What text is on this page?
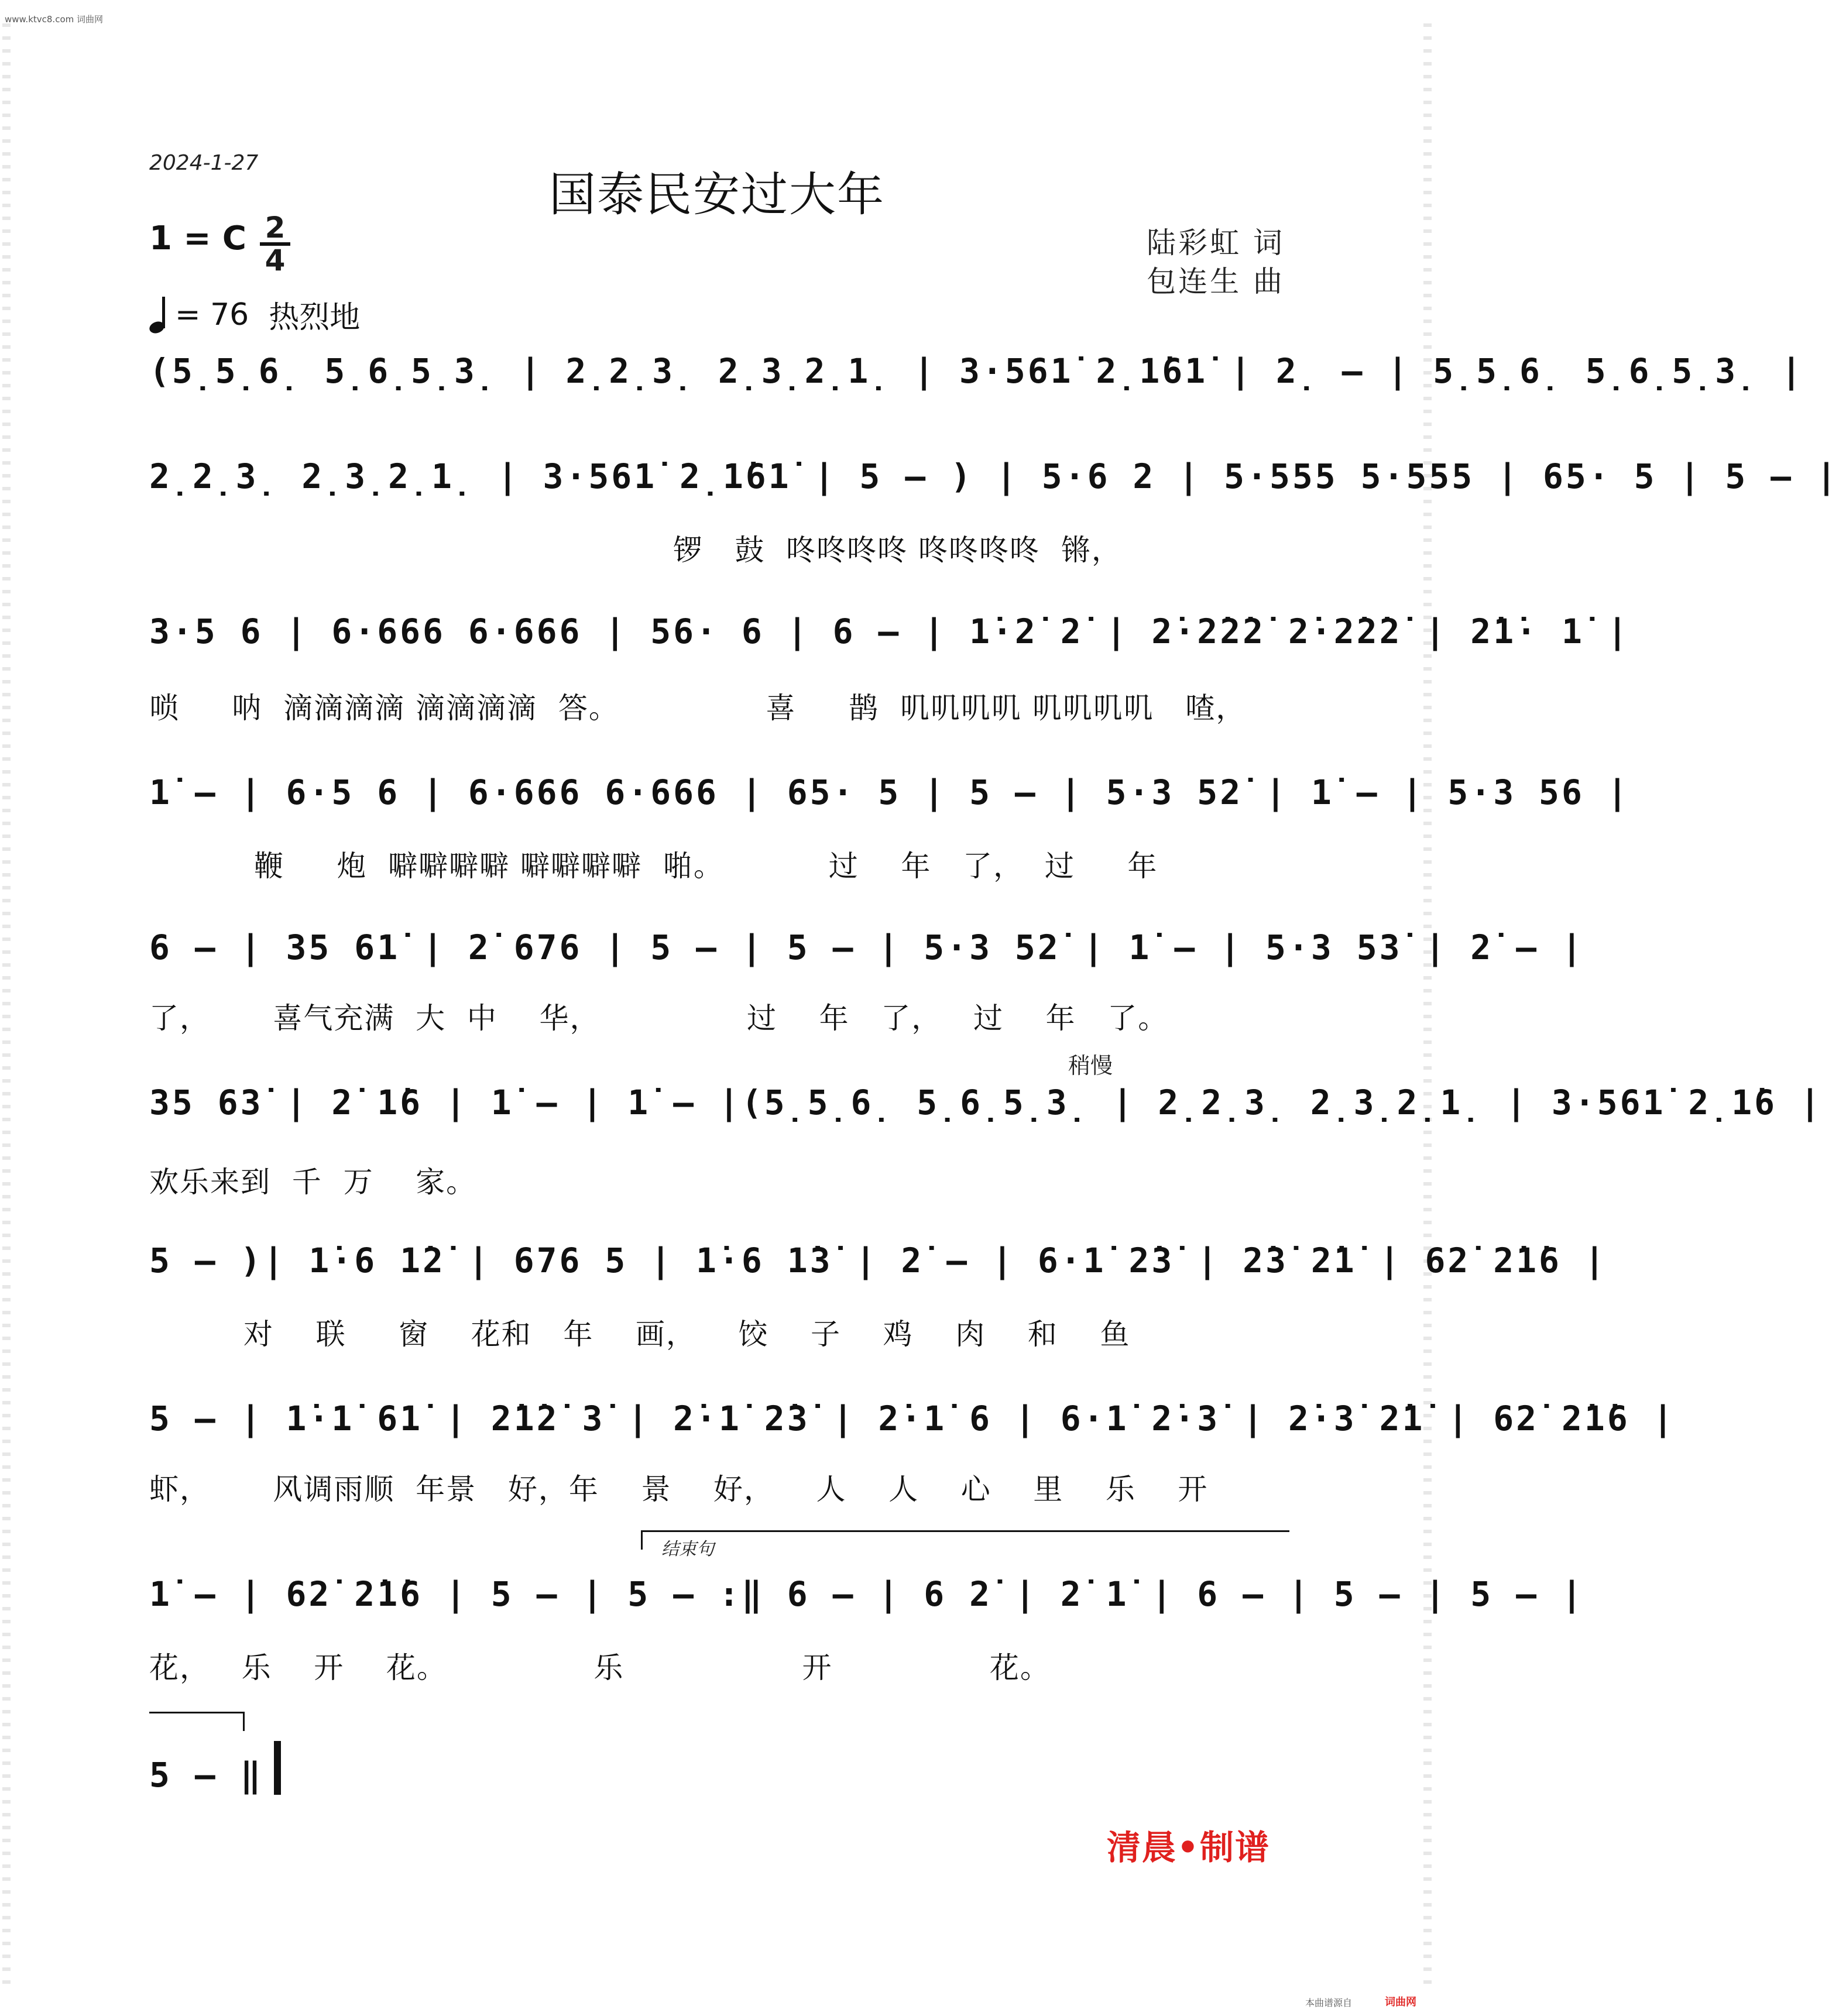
www.ktvc8.com 词曲网
2024-1-27
国泰民安过大年
1 = C 2
4
= 76 热烈地
陆彩虹 词
包连生 曲
(5̣5̣6̣ 5̣6̣5̣3̣ | 2̣2̣3̣ 2̣3̣2̣1̣ | 3·561̇ 2̣1̇61̇ | 2̣ – | 5̣5̣6̣ 5̣6̣5̣3̣ |
2̣2̣3̣ 2̣3̣2̣1̣ | 3·561̇ 2̣1̇61̇ | 5 – ) | 5·6 2 | 5·555 5·555 | 65· 5 | 5 – |
锣   鼓  咚咚咚咚 咚咚咚咚  锵，
3·5 6 | 6·666 6·666 | 56· 6 | 6 – | 1̇·2̇ 2̇ | 2̇·2̇2̇2̇ 2̇·2̇2̇2̇ | 2̇1̇· 1̇ |
唢     呐  滴滴滴滴 滴滴滴滴  答。              喜     鹊  叽叽叽叽 叽叽叽叽   喳，
1̇ – | 6·5 6 | 6·666 6·666 | 65· 5 | 5 – | 5·3 52̇ | 1̇ – | 5·3 56 |
鞭     炮  噼噼噼噼 噼噼噼噼  啪。          过    年   了，  过     年
6 – | 35 61̇ | 2̇ 676 | 5 – | 5 – | 5·3 52̇ | 1̇ – | 5·3 53̇ | 2̇ – |
了，      喜气充满  大  中    华，              过    年   了，   过    年   了。
稍慢
35 63̇ | 2̇ 1̇6 | 1̇ – | 1̇ – |(5̣5̣6̣ 5̣6̣5̣3̣ | 2̣2̣3̣ 2̣3̣2̣1̣ | 3·561̇ 2̣1̇6 |
欢乐来到  千  万    家。
5 – )| 1̇·6 1̇2̇ | 676 5 | 1̇·6 1̇3̇ | 2̇ – | 6·1̇ 2̇3̇ | 2̇3̇ 2̇1̇ | 62̇ 2̇1̇6 |
对    联     窗    花和   年    画，    饺    子    鸡    肉    和    鱼
5 – | 1̇·1̇ 61̇ | 2̇1̇2̇ 3̇ | 2̇·1̇ 2̇3̇ | 2̇·1̇ 6 | 6·1̇ 2̇·3̇ | 2̇·3̇ 2̇1̇ | 62̇ 2̇1̇6 |
虾，      风调雨顺  年景   好，年    景    好，    人    人    心    里    乐    开
结束句
1̇ – | 62̇ 2̇1̇6 | 5 – | 5 – :‖ 6 – | 6 2̇ | 2̇ 1̇ | 6 – | 5 – | 5 – |
花，   乐    开    花。              乐                 开               花。
5 – ‖
清晨•制谱
本曲谱源自	词曲网
